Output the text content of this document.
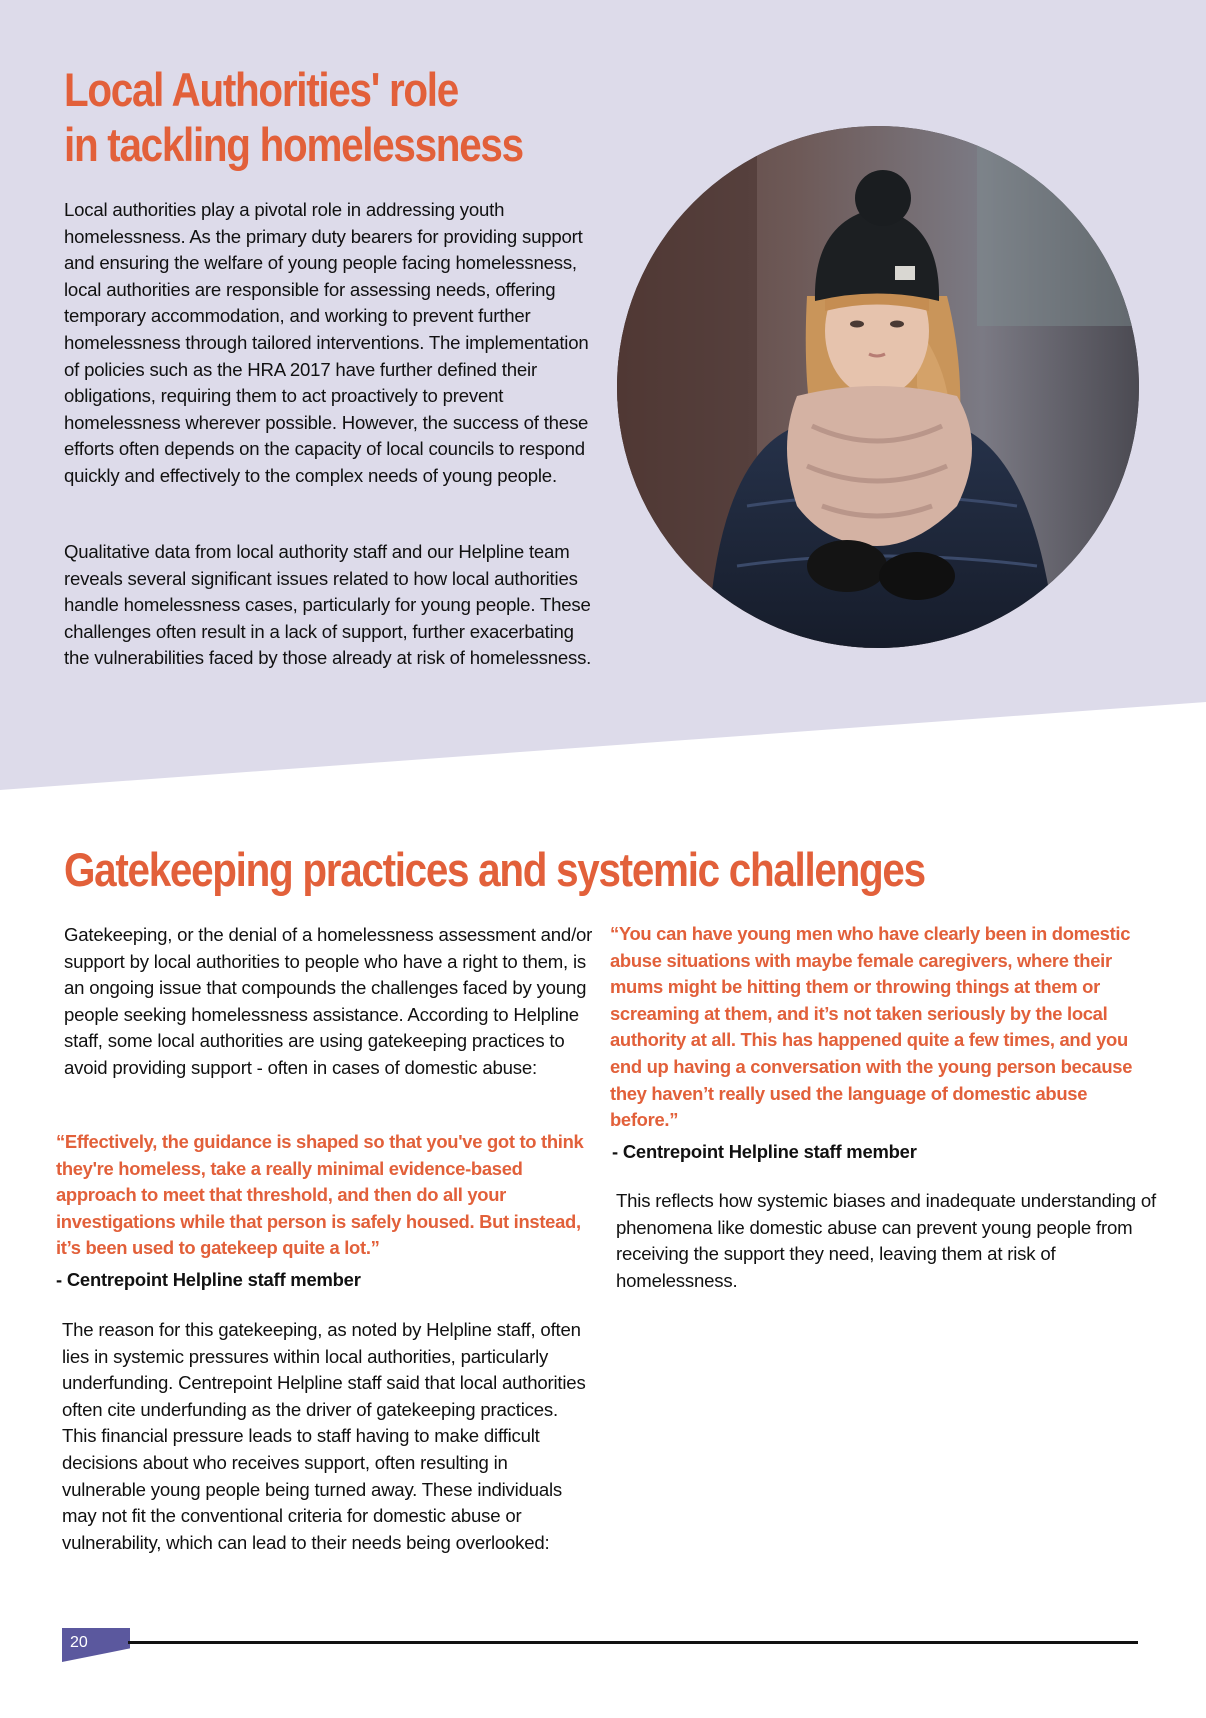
Local Authorities' role
in tackling homelessness

Local authorities play a pivotal role in addressing youth homelessness. As the primary duty bearers for providing support and ensuring the welfare of young people facing homelessness, local authorities are responsible for assessing needs, offering temporary accommodation, and working to prevent further homelessness through tailored interventions. The implementation of policies such as the HRA 2017 have further defined their obligations, requiring them to act proactively to prevent homelessness wherever possible. However, the success of these efforts often depends on the capacity of local councils to respond quickly and effectively to the complex needs of young people.

Qualitative data from local authority staff and our Helpline team reveals several significant issues related to how local authorities handle homelessness cases, particularly for young people. These challenges often result in a lack of support, further exacerbating the vulnerabilities faced by those already at risk of homelessness.

Gatekeeping practices and systemic challenges

Gatekeeping, or the denial of a homelessness assessment and/or support by local authorities to people who have a right to them, is an ongoing issue that compounds the challenges faced by young people seeking homelessness assistance. According to Helpline staff, some local authorities are using gatekeeping practices to avoid providing support - often in cases of domestic abuse:

“Effectively, the guidance is shaped so that you've got to think they're homeless, take a really minimal evidence-based approach to meet that threshold, and then do all your investigations while that person is safely housed. But instead, it’s been used to gatekeep quite a lot.”

- Centrepoint Helpline staff member

The reason for this gatekeeping, as noted by Helpline staff, often lies in systemic pressures within local authorities, particularly underfunding. Centrepoint Helpline staff said that local authorities often cite underfunding as the driver of gatekeeping practices. This financial pressure leads to staff having to make difficult decisions about who receives support, often resulting in vulnerable young people being turned away. These individuals may not fit the conventional criteria for domestic abuse or vulnerability, which can lead to their needs being overlooked:

“You can have young men who have clearly been in domestic abuse situations with maybe female caregivers, where their mums might be hitting them or throwing things at them or screaming at them, and it’s not taken seriously by the local authority at all. This has happened quite a few times, and you end up having a conversation with the young person because they haven’t really used the language of domestic abuse before.”

- Centrepoint Helpline staff member

This reflects how systemic biases and inadequate understanding of phenomena like domestic abuse can prevent young people from receiving the support they need, leaving them at risk of homelessness.

20
